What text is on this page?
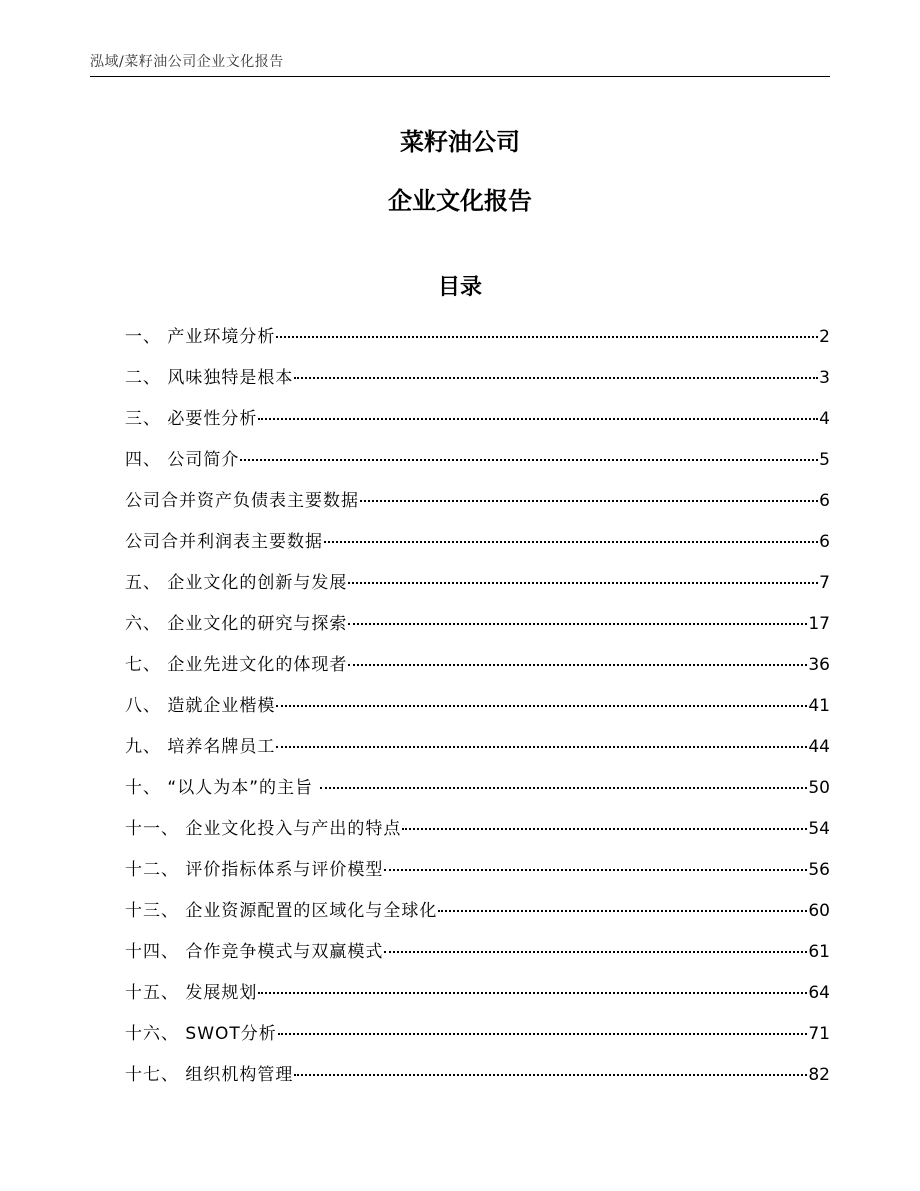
泓域/菜籽油公司企业文化报告
菜籽油公司
企业文化报告
目录
一、 产业环境分析	2
二、 风味独特是根本	3
三、 必要性分析	4
四、 公司简介	5
公司合并资产负债表主要数据	6
公司合并利润表主要数据	6
五、 企业文化的创新与发展	7
六、 企业文化的研究与探索	17
七、 企业先进文化的体现者	36
八、 造就企业楷模	41
九、 培养名牌员工	44
十、 “以人为本”的主旨	50
十一、 企业文化投入与产出的特点	54
十二、 评价指标体系与评价模型	56
十三、 企业资源配置的区域化与全球化	60
十四、 合作竞争模式与双赢模式	61
十五、 发展规划	64
十六、 SWOT分析	71
十七、 组织机构管理	82
